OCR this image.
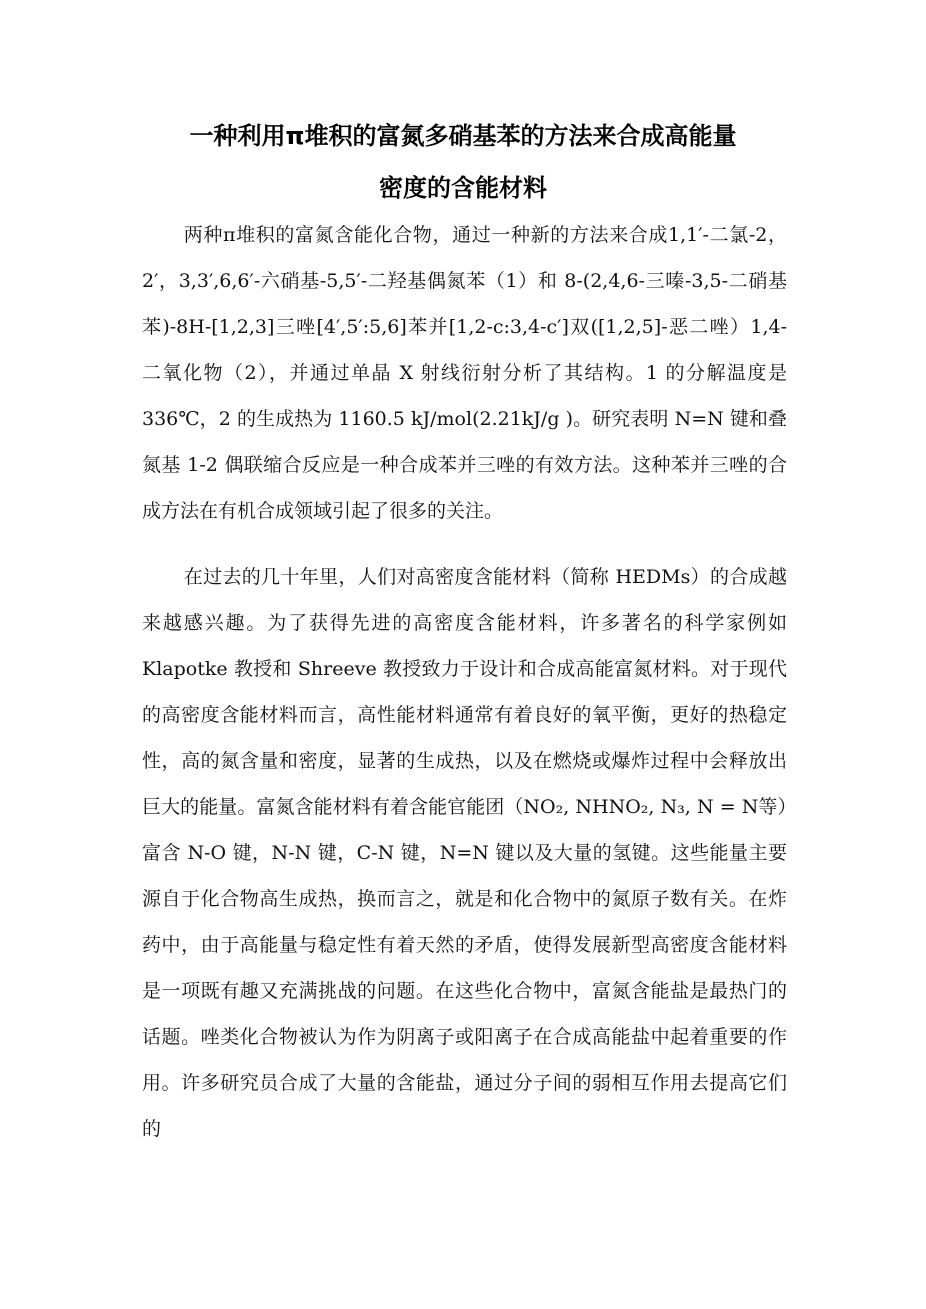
一种利用π堆积的富氮多硝基苯的方法来合成高能量
密度的含能材料

两种π堆积的富氮含能化合物，通过一种新的方法来合成1,1′-二氯-2，2′，3,3′,6,6′-六硝基-5,5′-二羟基偶氮苯（1）和 8-(2,4,6-三嗪-3,5-二硝基苯)-8H-[1,2,3]三唑[4′,5′:5,6]苯并[1,2-c:3,4-c′]双([1,2,5]-恶二唑）1,4-二氧化物（2），并通过单晶 X 射线衍射分析了其结构。1 的分解温度是 336℃，2 的生成热为 1160.5 kJ/mol(2.21kJ/g )。研究表明 N=N 键和叠氮基 1-2 偶联缩合反应是一种合成苯并三唑的有效方法。这种苯并三唑的合成方法在有机合成领域引起了很多的关注。

在过去的几十年里，人们对高密度含能材料（简称 HEDMs）的合成越来越感兴趣。为了获得先进的高密度含能材料，许多著名的科学家例如 Klapotke 教授和 Shreeve 教授致力于设计和合成高能富氮材料。对于现代的高密度含能材料而言，高性能材料通常有着良好的氧平衡，更好的热稳定性，高的氮含量和密度，显著的生成热，以及在燃烧或爆炸过程中会释放出巨大的能量。富氮含能材料有着含能官能团（NO₂, NHNO₂, N₃, N = N等）富含 N-O 键，N-N 键，C-N 键，N=N 键以及大量的氢键。这些能量主要源自于化合物高生成热，换而言之，就是和化合物中的氮原子数有关。在炸药中，由于高能量与稳定性有着天然的矛盾，使得发展新型高密度含能材料是一项既有趣又充满挑战的问题。在这些化合物中，富氮含能盐是最热门的话题。唑类化合物被认为作为阴离子或阳离子在合成高能盐中起着重要的作用。许多研究员合成了大量的含能盐，通过分子间的弱相互作用去提高它们的
